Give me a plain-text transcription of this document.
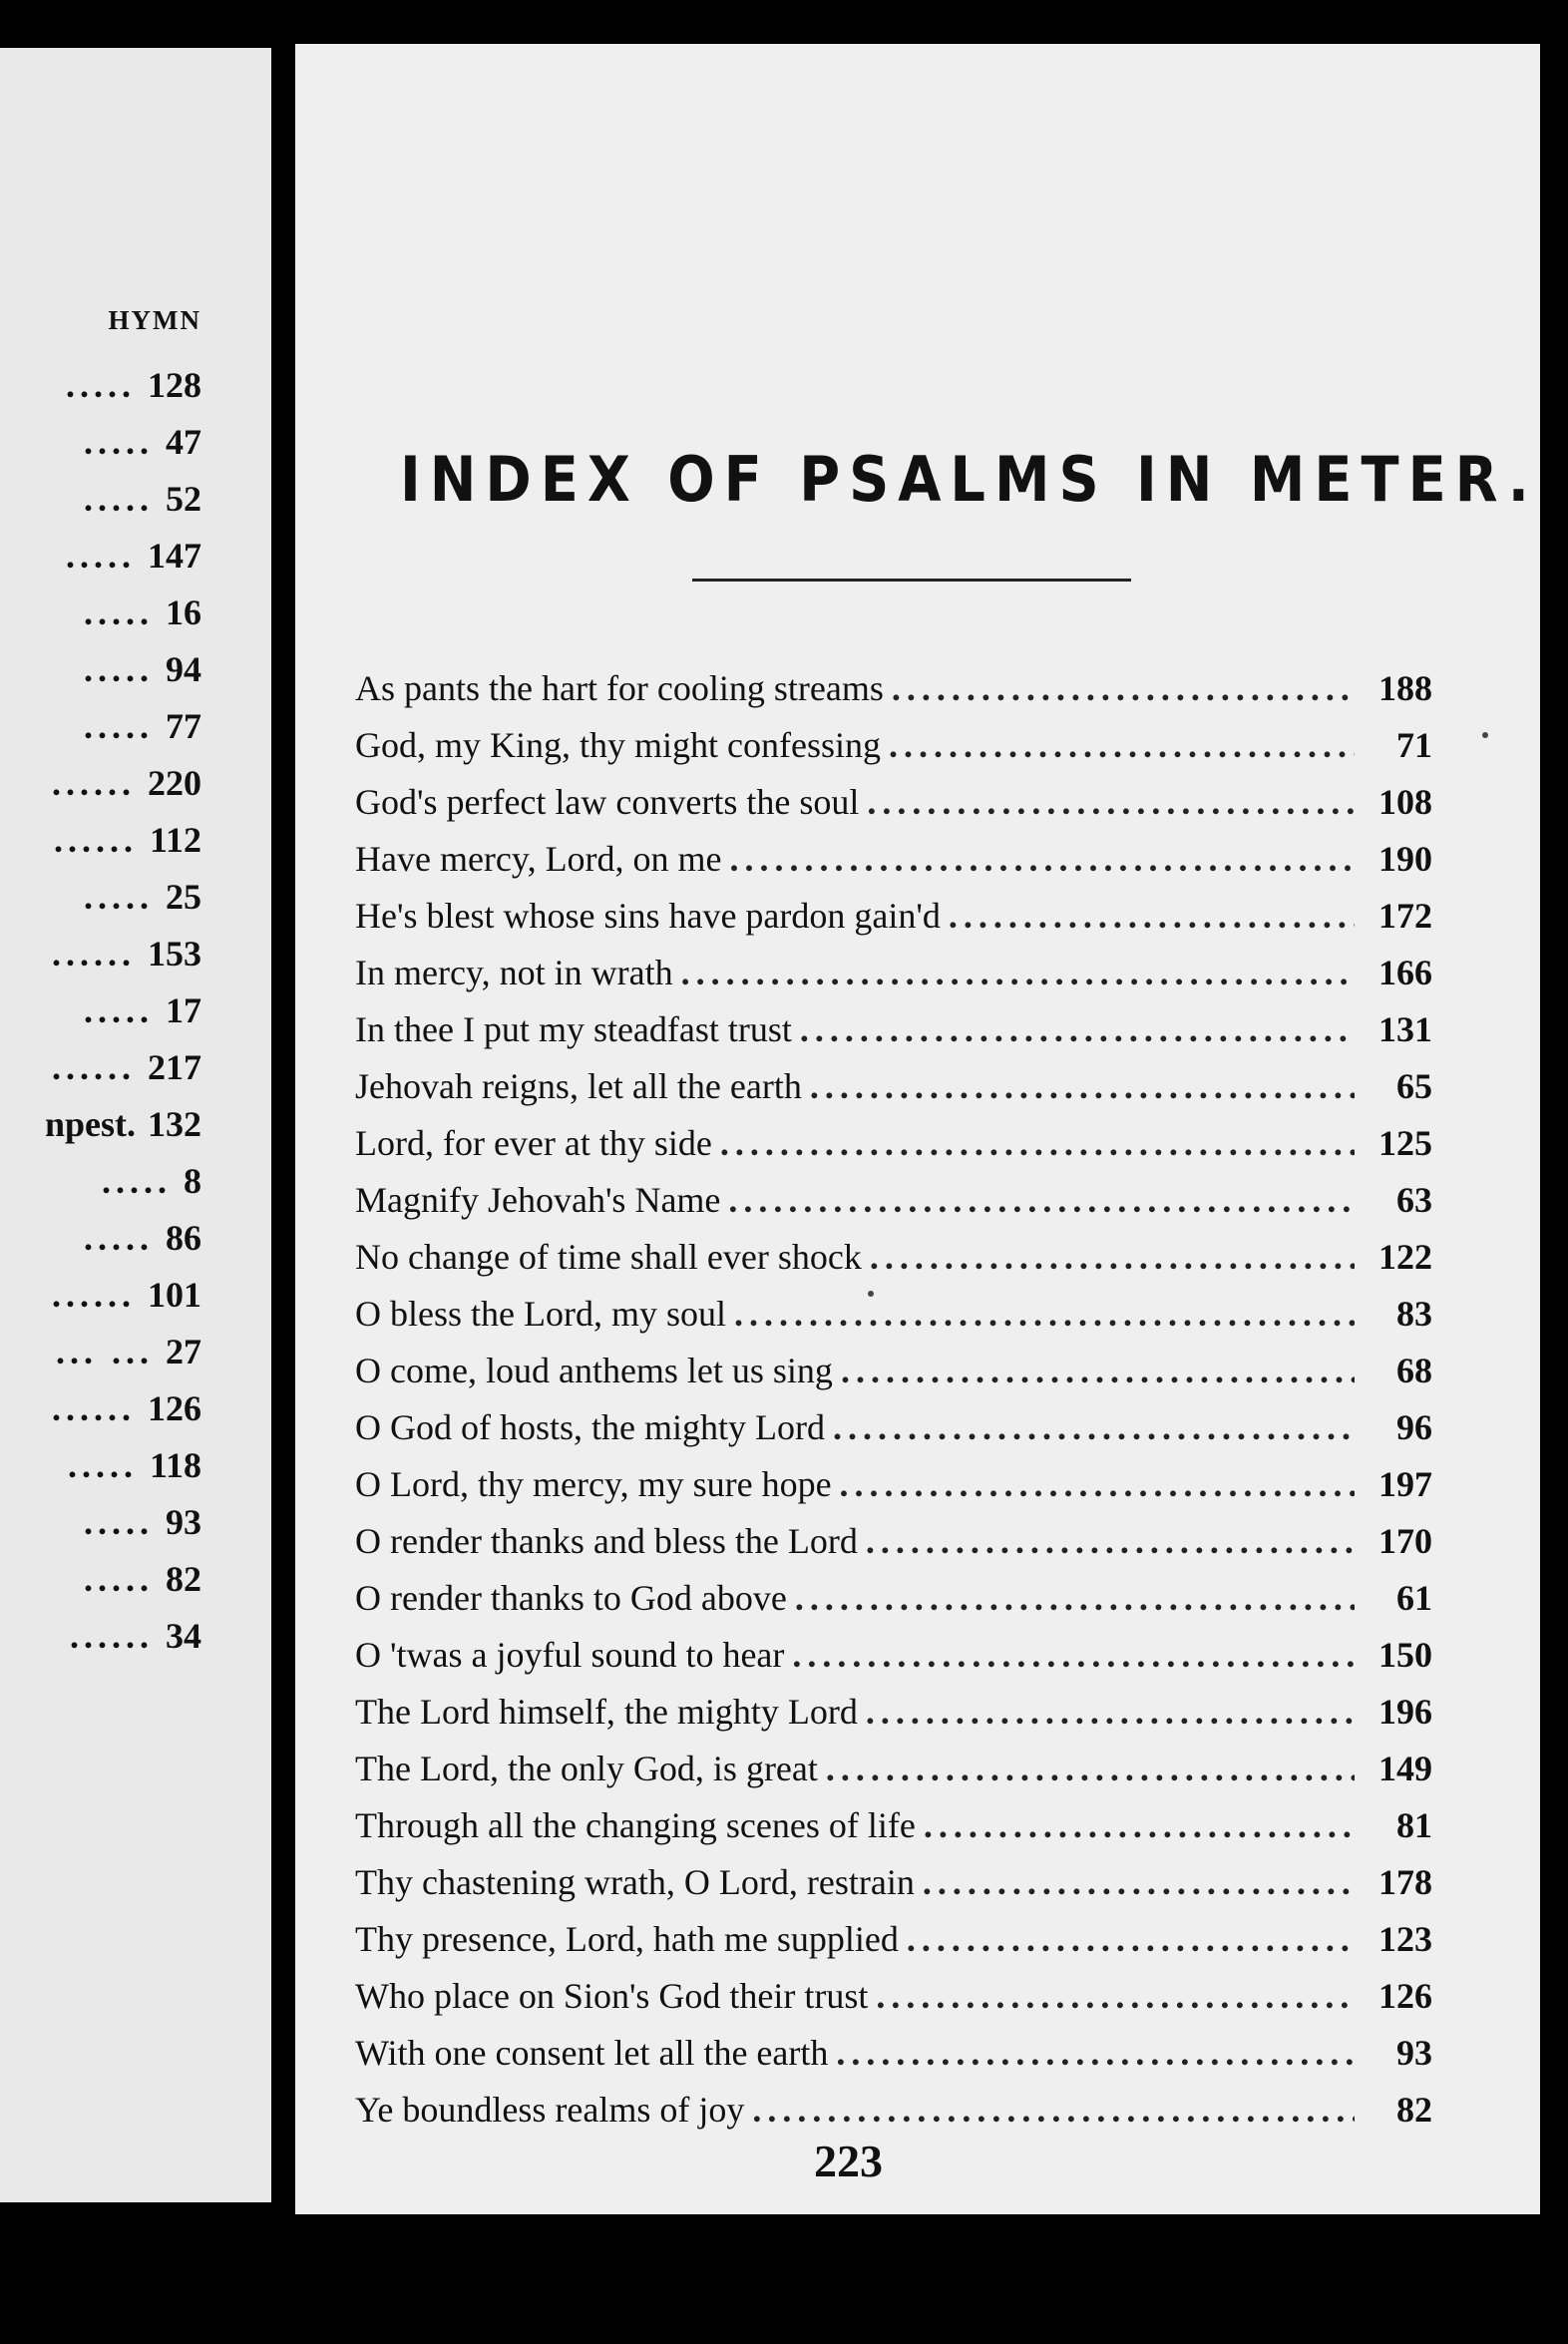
HYMN
..... 128
..... 47
..... 52
..... 147
..... 16
..... 94
..... 77
...... 220
...... 112
..... 25
...... 153
..... 17
...... 217
npest. 132
..... 8
..... 86
...... 101
... ... 27
...... 126
..... 118
..... 93
..... 82
...... 34
INDEX OF PSALMS IN METER.
As pants the hart for cooling streams .....	188
God, my King, thy might confessing .....	71
God's perfect law converts the soul .....	108
Have mercy, Lord, on me .....	190
He's blest whose sins have pardon gain'd .....	172
In mercy, not in wrath .....	166
In thee I put my steadfast trust .....	131
Jehovah reigns, let all the earth .....	65
Lord, for ever at thy side .....	125
Magnify Jehovah's Name .....	63
No change of time shall ever shock .....	122
O bless the Lord, my soul .....	83
O come, loud anthems let us sing .....	68
O God of hosts, the mighty Lord .....	96
O Lord, thy mercy, my sure hope .....	197
O render thanks and bless the Lord .....	170
O render thanks to God above .....	61
O 'twas a joyful sound to hear .....	150
The Lord himself, the mighty Lord .....	196
The Lord, the only God, is great .....	149
Through all the changing scenes of life .....	81
Thy chastening wrath, O Lord, restrain .....	178
Thy presence, Lord, hath me supplied .....	123
Who place on Sion's God their trust .....	126
With one consent let all the earth .....	93
Ye boundless realms of joy .....	82
223
